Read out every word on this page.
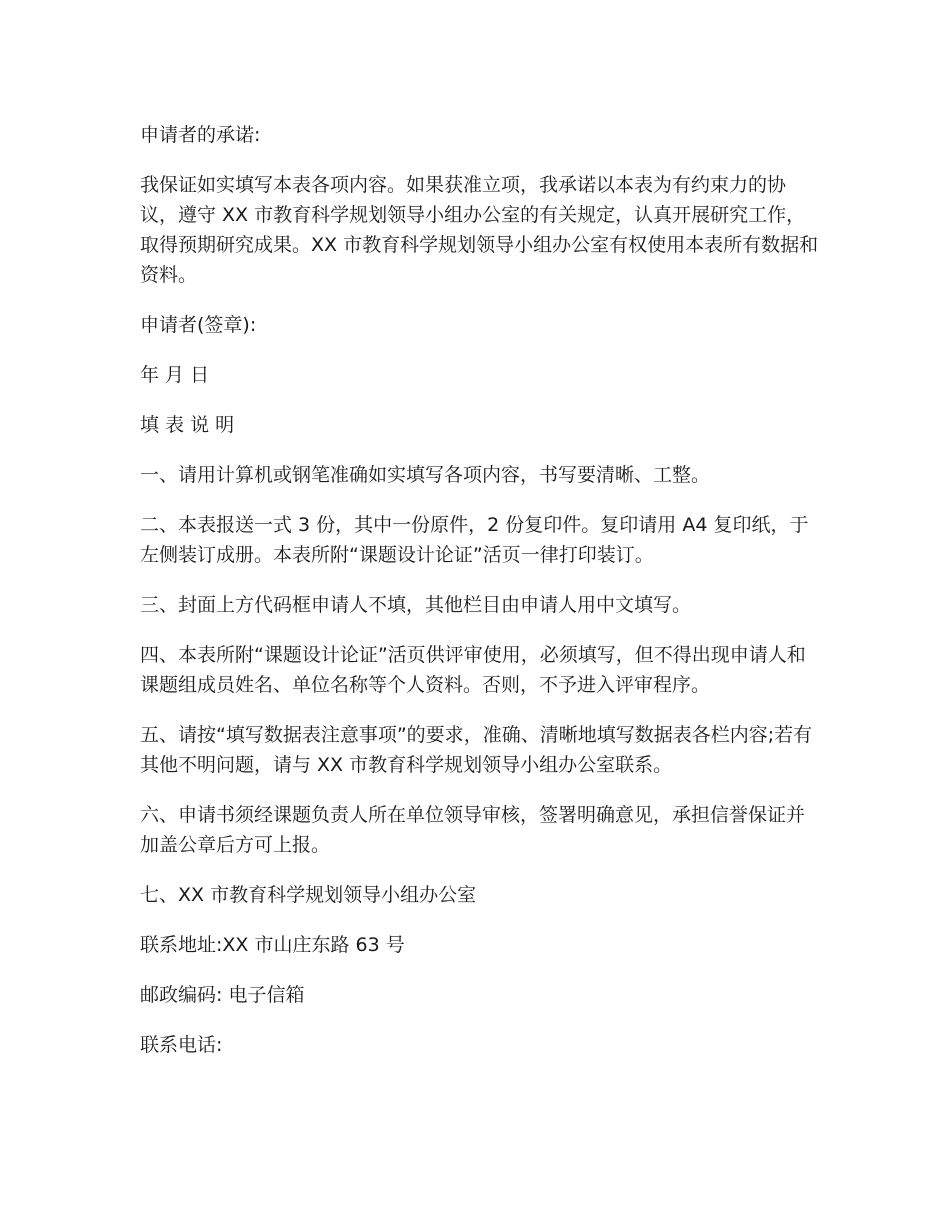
申请者的承诺:

我保证如实填写本表各项内容。如果获准立项，我承诺以本表为有约束力的协议，遵守 XX 市教育科学规划领导小组办公室的有关规定，认真开展研究工作，取得预期研究成果。XX 市教育科学规划领导小组办公室有权使用本表所有数据和资料。

申请者(签章):

年 月 日

填 表 说 明

一、请用计算机或钢笔准确如实填写各项内容，书写要清晰、工整。

二、本表报送一式 3 份，其中一份原件，2 份复印件。复印请用 A4 复印纸，于左侧装订成册。本表所附“课题设计论证”活页一律打印装订。

三、封面上方代码框申请人不填，其他栏目由申请人用中文填写。

四、本表所附“课题设计论证”活页供评审使用，必须填写，但不得出现申请人和课题组成员姓名、单位名称等个人资料。否则，不予进入评审程序。

五、请按“填写数据表注意事项”的要求，准确、清晰地填写数据表各栏内容;若有其他不明问题，请与 XX 市教育科学规划领导小组办公室联系。

六、申请书须经课题负责人所在单位领导审核，签署明确意见，承担信誉保证并加盖公章后方可上报。

七、XX 市教育科学规划领导小组办公室

联系地址:XX 市山庄东路 63 号

邮政编码: 电子信箱

联系电话:
